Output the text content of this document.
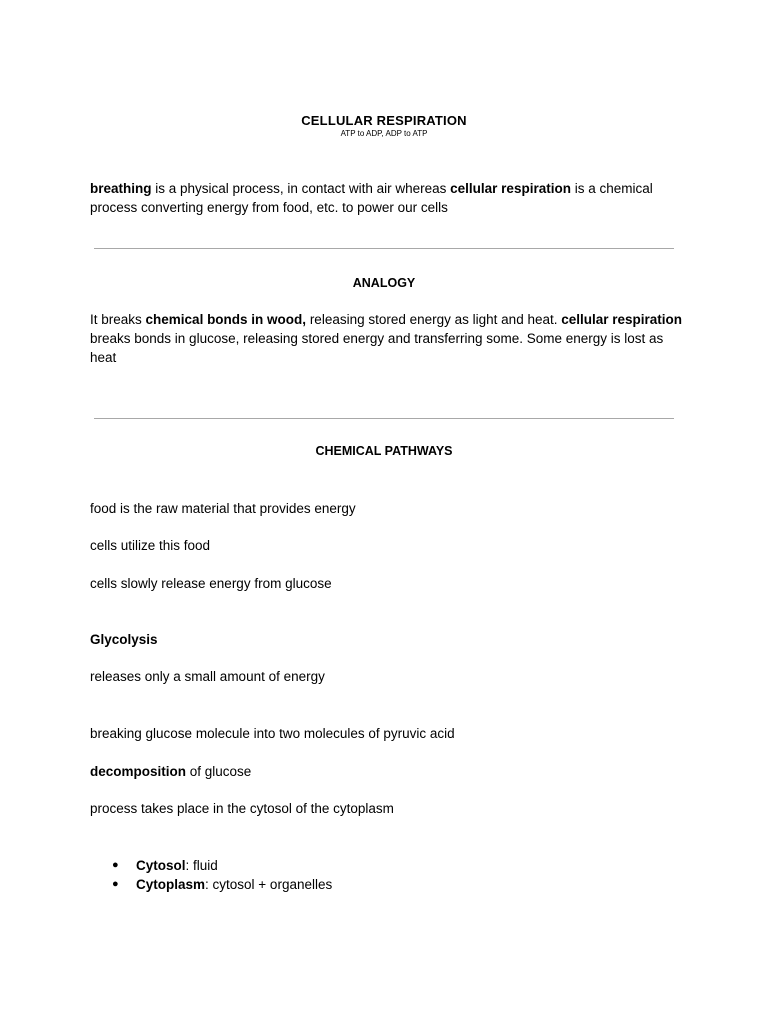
CELLULAR RESPIRATION
ATP to ADP, ADP to ATP
breathing is a physical process, in contact with air whereas cellular respiration is a chemical process converting energy from food, etc. to power our cells
ANALOGY
It breaks chemical bonds in wood, releasing stored energy as light and heat. cellular respiration breaks bonds in glucose, releasing stored energy and transferring some. Some energy is lost as heat
CHEMICAL PATHWAYS
food is the raw material that provides energy
cells utilize this food
cells slowly release energy from glucose
Glycolysis
releases only a small amount of energy
breaking glucose molecule into two molecules of pyruvic acid
decomposition of glucose
process takes place in the cytosol of the cytoplasm
● Cytosol: fluid
● Cytoplasm: cytosol + organelles
